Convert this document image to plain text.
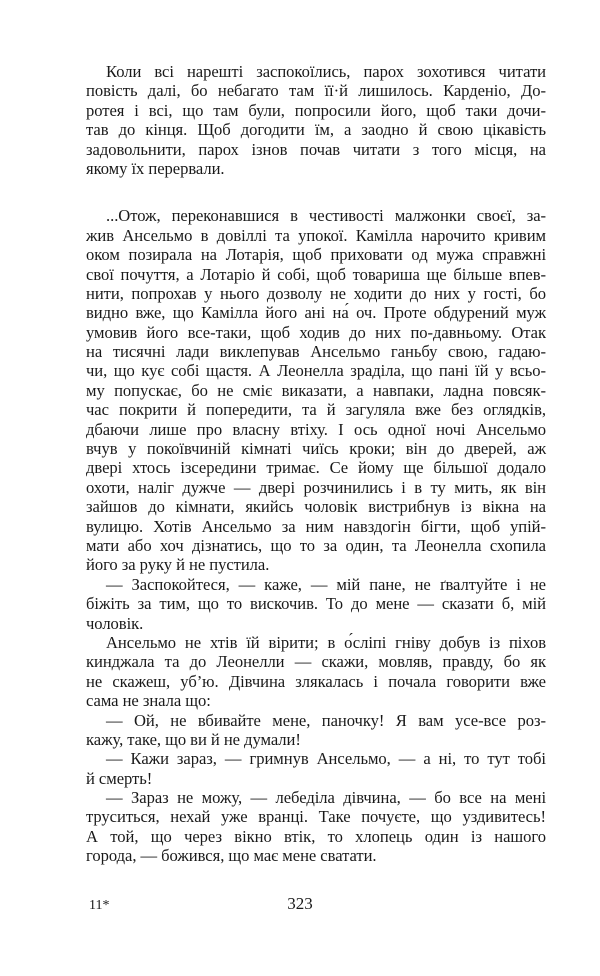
Коли всі нарешті заспокоїлись, парох зохотився читати
повість далі, бо небагато там її·й лишилось. Карденіо, До-
ротея і всі, що там були, попросили його, щоб таки дочи-
тав до кінця. Щоб догодити їм, а заодно й свою цікавість
задовольнити, парох ізнов почав читати з того місця, на
якому їх перервали.
...Отож, переконавшися в честивості малжонки своєї, за-
жив Ансельмо в довіллі та упокої. Камілла нарочито кривим
оком позирала на Лотарія, щоб приховати од мужа справжні
свої почуття, а Лотаріо й собі, щоб товариша ще більше впев-
нити, попрохав у нього дозволу не ходити до них у гості, бо
видно вже, що Камілла його ані на́ оч. Проте обдурений муж
умовив його все-таки, щоб ходив до них по-давньому. Отак
на тисячні лади виклепував Ансельмо ганьбу свою, гадаю-
чи, що кує собі щастя. А Леонелла зраділа, що пані їй у всьо-
му попускає, бо не сміє виказати, а навпаки, ладна повсяк-
час покрити й попередити, та й загуляла вже без оглядків,
дбаючи лише про власну втіху. І ось одної ночі Ансельмо
вчув у покоївчиній кімнаті чиїсь кроки; він до дверей, аж
двері хтось ізсередини тримає. Се йому ще більшої додало
охоти, наліг дужче — двері розчинились і в ту мить, як він
зайшов до кімнати, якийсь чоловік вистрибнув із вікна на
вулицю. Хотів Ансельмо за ним навздогін бігти, щоб упій-
мати або хоч дізнатись, що то за один, та Леонелла схопила
його за руку й не пустила.
— Заспокойтеся, — каже, — мій пане, не ґвалтуйте і не
біжіть за тим, що то вискочив. То до мене — сказати б, мій
чоловік.
Ансельмо не хтів їй вірити; в о́сліпі гніву добув із піхов
кинджала та до Леонелли — скажи, мовляв, правду, бо як
не скажеш, уб’ю. Дівчина злякалась і почала говорити вже
сама не знала що:
— Ой, не вбивайте мене, паночку! Я вам усе-все роз-
кажу, таке, що ви й не думали!
— Кажи зараз, — гримнув Ансельмо, — а ні, то тут тобі
й смерть!
— Зараз не можу, — лебеділа дівчина, — бо все на мені
труситься, нехай уже вранці. Таке почуєте, що уздивитесь!
А той, що через вікно втік, то хлопець один із нашого
города, — божився, що має мене сватати.
11*	323
